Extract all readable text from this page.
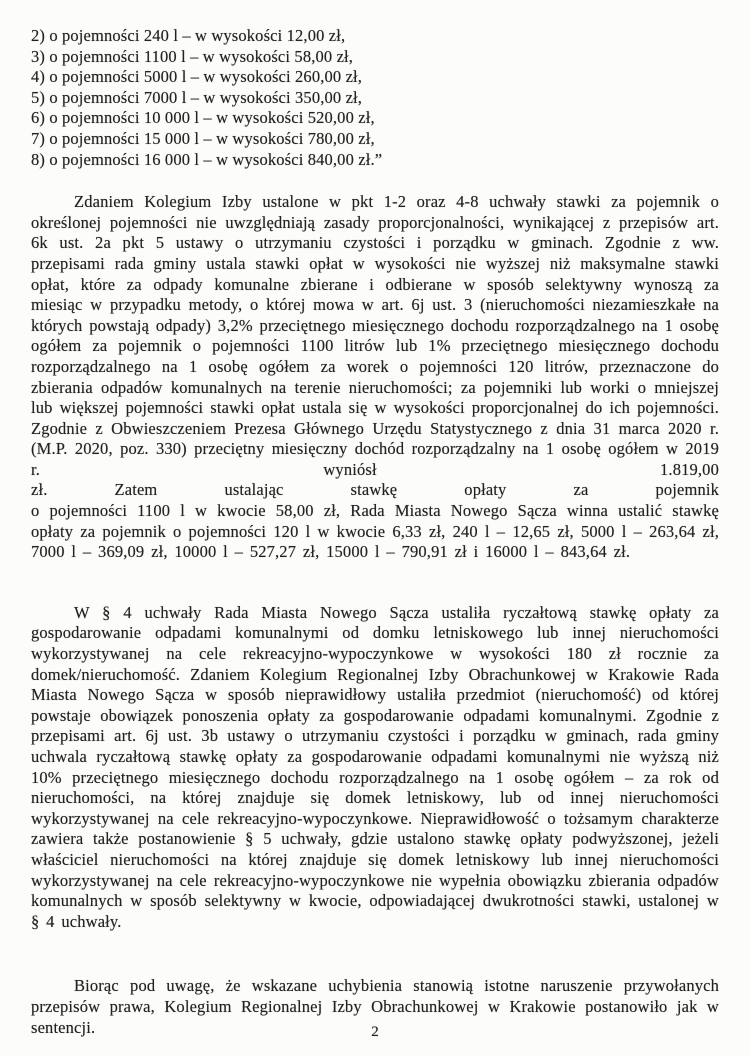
2) o pojemności 240 l – w wysokości 12,00 zł,
3) o pojemności 1100 l – w wysokości 58,00 zł,
4) o pojemności 5000 l – w wysokości 260,00 zł,
5) o pojemności 7000 l – w wysokości 350,00 zł,
6) o pojemności 10 000 l – w wysokości 520,00 zł,
7) o pojemności 15 000 l – w wysokości 780,00 zł,
8) o pojemności 16 000 l – w wysokości 840,00 zł.”
Zdaniem Kolegium Izby ustalone w pkt 1-2 oraz 4-8 uchwały stawki za pojemnik o określonej pojemności nie uwzględniają zasady proporcjonalności, wynikającej z przepisów art. 6k ust. 2a pkt 5 ustawy o utrzymaniu czystości i porządku w gminach. Zgodnie z ww. przepisami rada gminy ustala stawki opłat w wysokości nie wyższej niż maksymalne stawki opłat, które za odpady komunalne zbierane i odbierane w sposób selektywny wynoszą za miesiąc w przypadku metody, o której mowa w art. 6j ust. 3 (nieruchomości niezamieszkałe na których powstają odpady) 3,2% przeciętnego miesięcznego dochodu rozporządzalnego na 1 osobę ogółem za pojemnik o pojemności 1100 litrów lub 1% przeciętnego miesięcznego dochodu rozporządzalnego na 1 osobę ogółem za worek o pojemności 120 litrów, przeznaczone do zbierania odpadów komunalnych na terenie nieruchomości; za pojemniki lub worki o mniejszej lub większej pojemności stawki opłat ustala się w wysokości proporcjonalnej do ich pojemności. Zgodnie z Obwieszczeniem Prezesa Głównego Urzędu Statystycznego z dnia 31 marca 2020 r. (M.P. 2020, poz. 330) przeciętny miesięczny dochód rozporządzalny na 1 osobę ogółem w 2019 r. wyniósł 1.819,00
zł. Zatem ustalając stawkę opłaty za pojemnik
o pojemności 1100 l w kwocie 58,00 zł, Rada Miasta Nowego Sącza winna ustalić stawkę opłaty za pojemnik o pojemności 120 l w kwocie 6,33 zł, 240 l – 12,65 zł, 5000 l – 263,64 zł, 7000 l – 369,09 zł, 10000 l – 527,27 zł, 15000 l – 790,91 zł i 16000 l – 843,64 zł.
W § 4 uchwały Rada Miasta Nowego Sącza ustaliła ryczałtową stawkę opłaty za gospodarowanie odpadami komunalnymi od domku letniskowego lub innej nieruchomości wykorzystywanej na cele rekreacyjno-wypoczynkowe w wysokości 180 zł rocznie za domek/nieruchomość. Zdaniem Kolegium Regionalnej Izby Obrachunkowej w Krakowie Rada Miasta Nowego Sącza w sposób nieprawidłowy ustaliła przedmiot (nieruchomość) od której powstaje obowiązek ponoszenia opłaty za gospodarowanie odpadami komunalnymi. Zgodnie z przepisami art. 6j ust. 3b ustawy o utrzymaniu czystości i porządku w gminach, rada gminy uchwala ryczałtową stawkę opłaty za gospodarowanie odpadami komunalnymi nie wyższą niż 10% przeciętnego miesięcznego dochodu rozporządzalnego na 1 osobę ogółem – za rok od nieruchomości, na której znajduje się domek letniskowy, lub od innej nieruchomości wykorzystywanej na cele rekreacyjno-wypoczynkowe. Nieprawidłowość o tożsamym charakterze zawiera także postanowienie § 5 uchwały, gdzie ustalono stawkę opłaty podwyższonej, jeżeli właściciel nieruchomości na której znajduje się domek letniskowy lub innej nieruchomości wykorzystywanej na cele rekreacyjno-wypoczynkowe nie wypełnia obowiązku zbierania odpadów komunalnych w sposób selektywny w kwocie, odpowiadającej dwukrotności stawki, ustalonej w § 4 uchwały.
Biorąc pod uwagę, że wskazane uchybienia stanowią istotne naruszenie przywołanych przepisów prawa, Kolegium Regionalnej Izby Obrachunkowej w Krakowie postanowiło jak w sentencji.	2
